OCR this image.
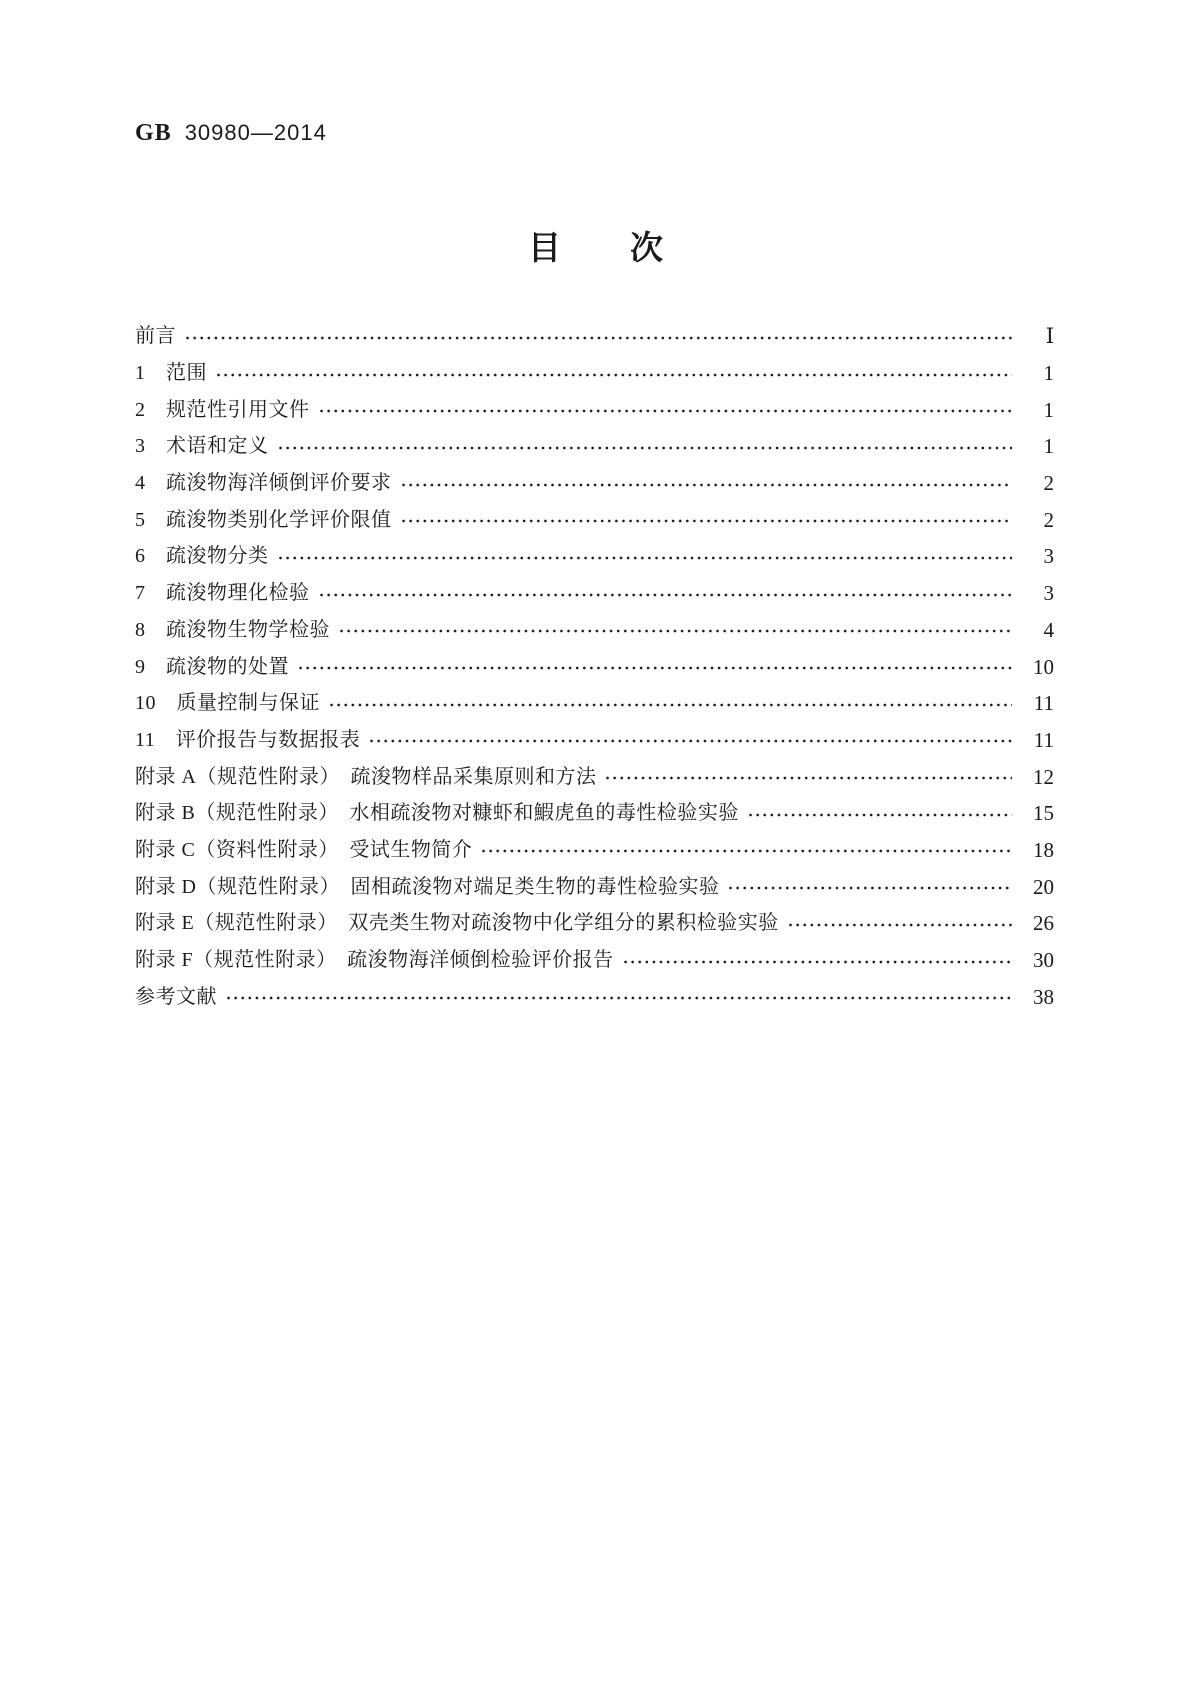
GB 30980—2014
目　次
前言	Ⅰ
1　范围	1
2　规范性引用文件	1
3　术语和定义	1
4　疏浚物海洋倾倒评价要求	2
5　疏浚物类别化学评价限值	2
6　疏浚物分类	3
7　疏浚物理化检验	3
8　疏浚物生物学检验	4
9　疏浚物的处置	10
10　质量控制与保证	11
11　评价报告与数据报表	11
附录 A（规范性附录）　疏浚物样品采集原则和方法	12
附录 B（规范性附录）　水相疏浚物对糠虾和鰕虎鱼的毒性检验实验	15
附录 C（资料性附录）　受试生物简介	18
附录 D（规范性附录）　固相疏浚物对端足类生物的毒性检验实验	20
附录 E（规范性附录）　双壳类生物对疏浚物中化学组分的累积检验实验	26
附录 F（规范性附录）　疏浚物海洋倾倒检验评价报告	30
参考文献	38
